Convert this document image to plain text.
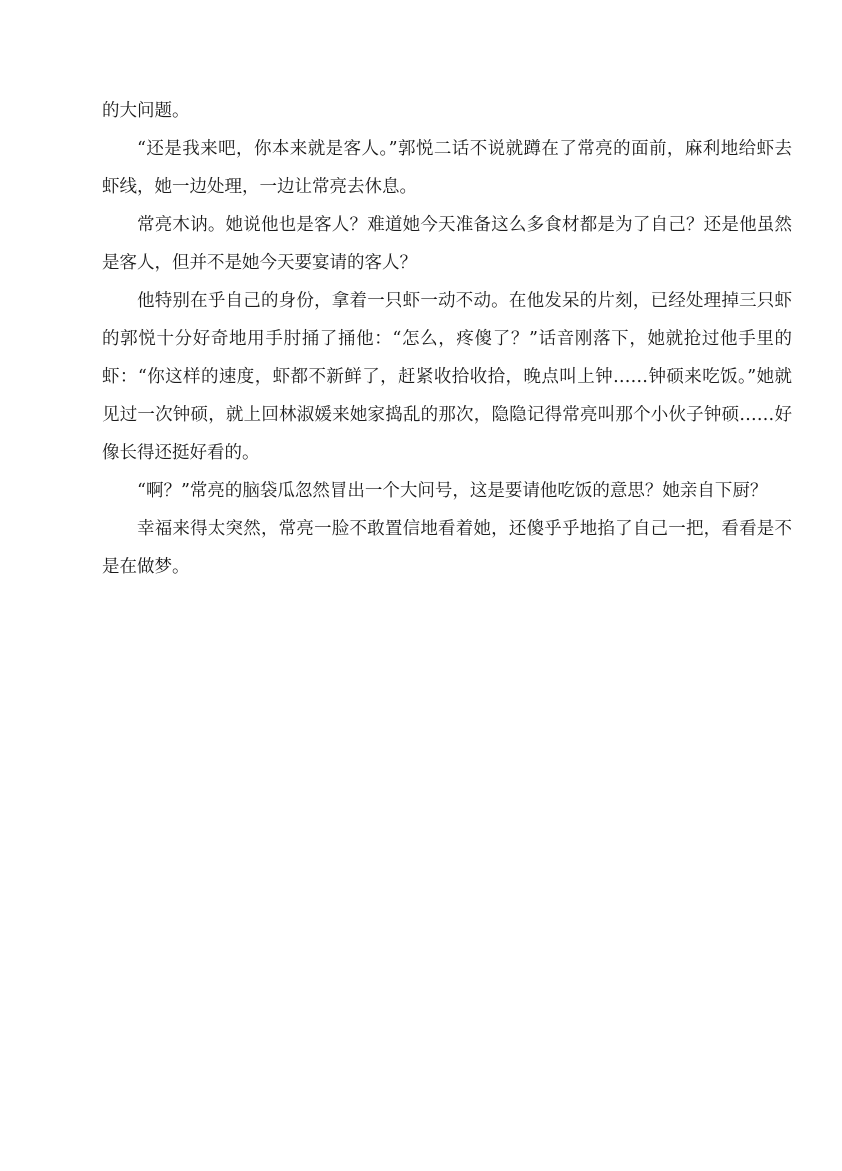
的大问题。

“还是我来吧，你本来就是客人。”郭悦二话不说就蹲在了常亮的面前，麻利地给虾去虾线，她一边处理，一边让常亮去休息。

常亮木讷。她说他也是客人？难道她今天准备这么多食材都是为了自己？还是他虽然是客人，但并不是她今天要宴请的客人？

他特别在乎自己的身份，拿着一只虾一动不动。在他发呆的片刻，已经处理掉三只虾的郭悦十分好奇地用手肘捅了捅他：“怎么，疼傻了？”话音刚落下，她就抢过他手里的虾：“你这样的速度，虾都不新鲜了，赶紧收拾收拾，晚点叫上钟……钟硕来吃饭。”她就见过一次钟硕，就上回林淑媛来她家捣乱的那次，隐隐记得常亮叫那个小伙子钟硕……好像长得还挺好看的。

“啊？”常亮的脑袋瓜忽然冒出一个大问号，这是要请他吃饭的意思？她亲自下厨？

幸福来得太突然，常亮一脸不敢置信地看着她，还傻乎乎地掐了自己一把，看看是不是在做梦。
